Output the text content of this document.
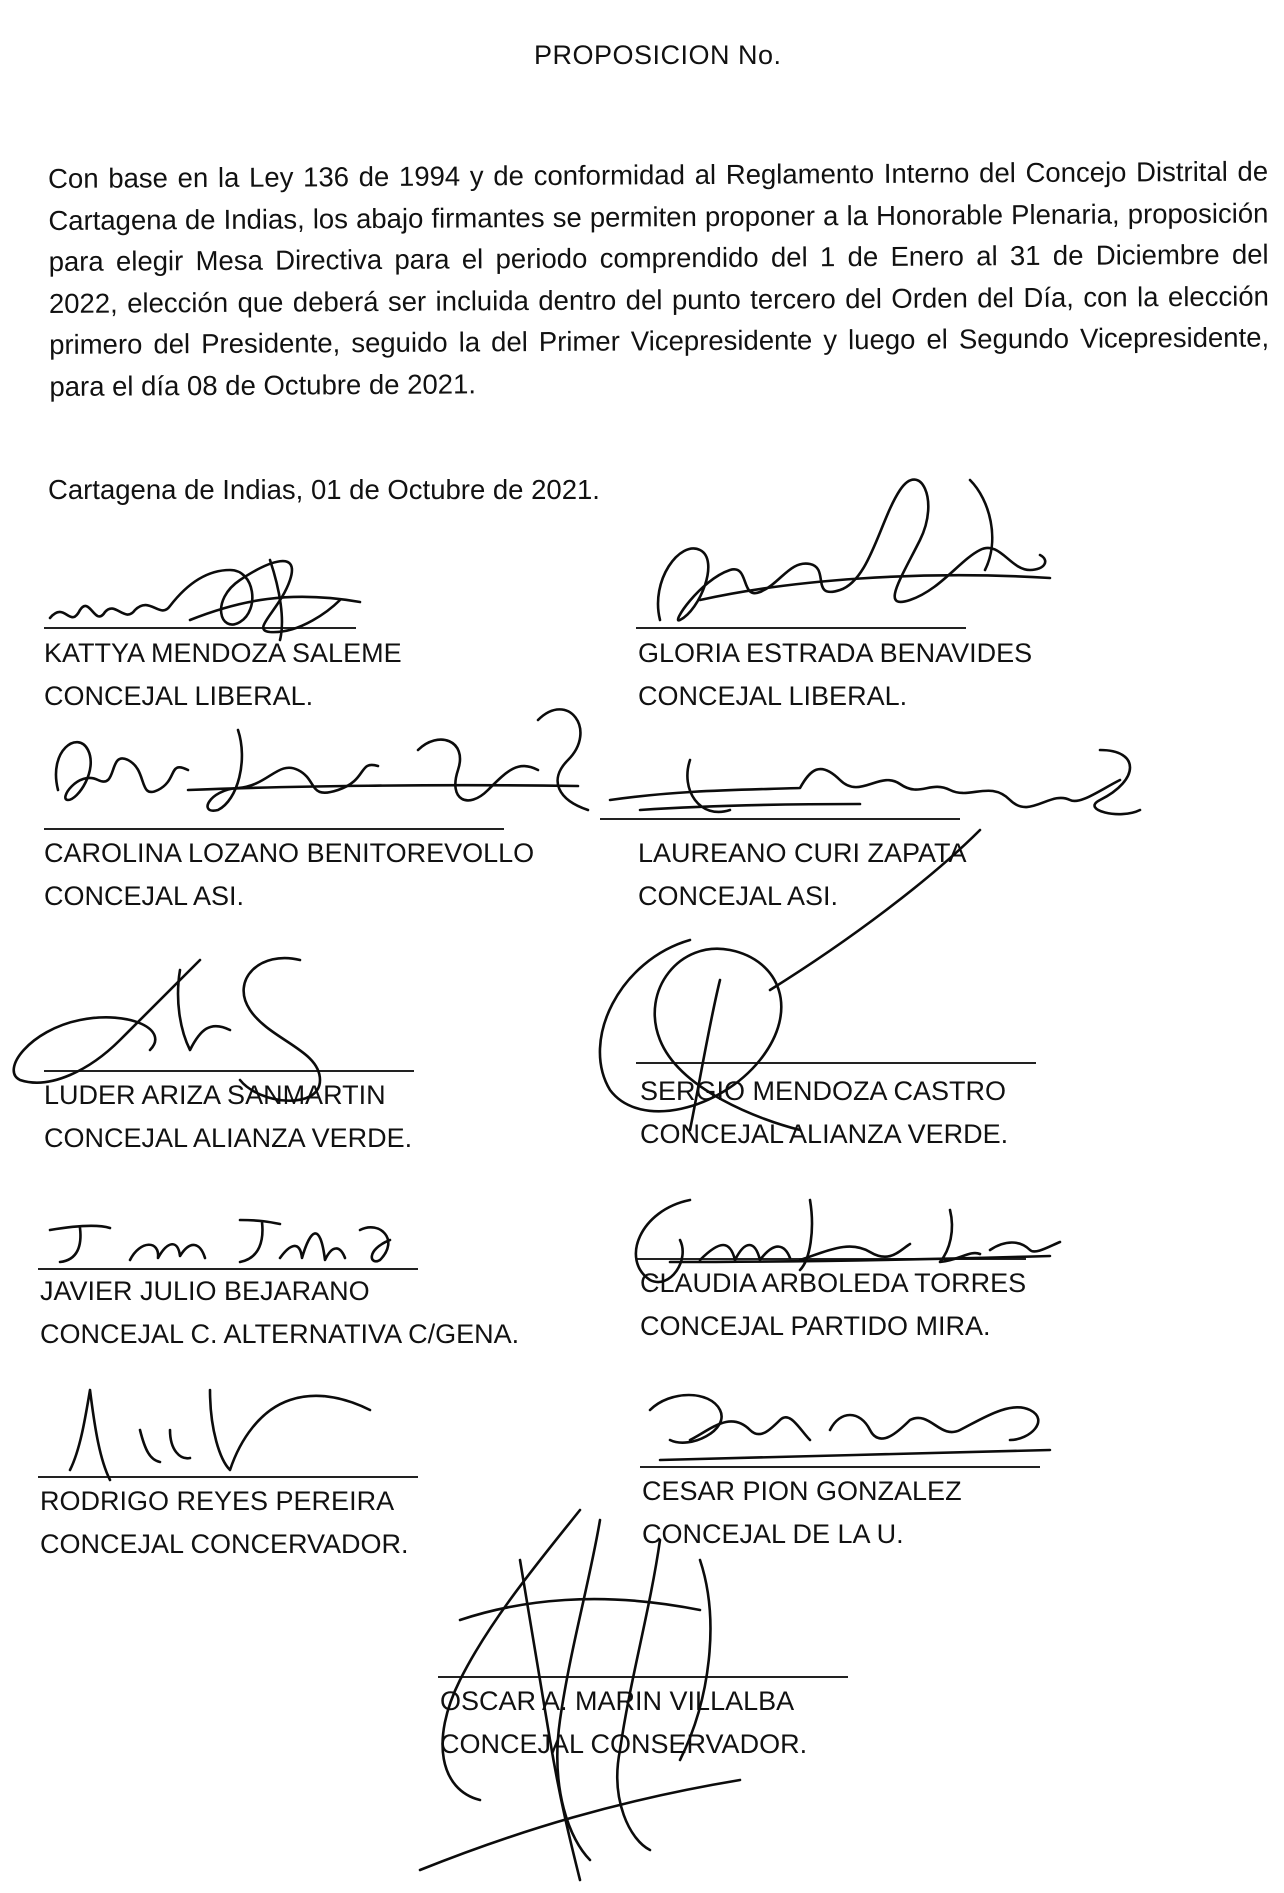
PROPOSICION No.
Con base en la Ley 136 de 1994 y de conformidad al Reglamento Interno del Concejo Distrital de Cartagena de Indias, los abajo firmantes se permiten proponer a la Honorable Plenaria, proposición para elegir Mesa Directiva para el periodo comprendido del 1 de Enero al 31 de Diciembre del 2022, elección que deberá ser incluida dentro del punto tercero del Orden del Día, con la elección primero del Presidente, seguido la del Primer Vicepresidente y luego el Segundo Vicepresidente, para el día 08 de Octubre de 2021.
Cartagena de Indias, 01 de Octubre de 2021.
KATTYA MENDOZA SALEME
CONCEJAL LIBERAL.
GLORIA ESTRADA BENAVIDES
CONCEJAL LIBERAL.
CAROLINA LOZANO BENITOREVOLLO
CONCEJAL ASI.
LAUREANO CURI ZAPATA
CONCEJAL ASI.
LUDER ARIZA SANMARTIN
CONCEJAL ALIANZA VERDE.
SERGIO MENDOZA CASTRO
CONCEJAL ALIANZA VERDE.
JAVIER JULIO BEJARANO
CONCEJAL C. ALTERNATIVA C/GENA.
CLAUDIA ARBOLEDA TORRES
CONCEJAL PARTIDO MIRA.
RODRIGO REYES PEREIRA
CONCEJAL CONCERVADOR.
CESAR PION GONZALEZ
CONCEJAL DE LA U.
OSCAR A. MARIN VILLALBA
CONCEJAL CONSERVADOR.
